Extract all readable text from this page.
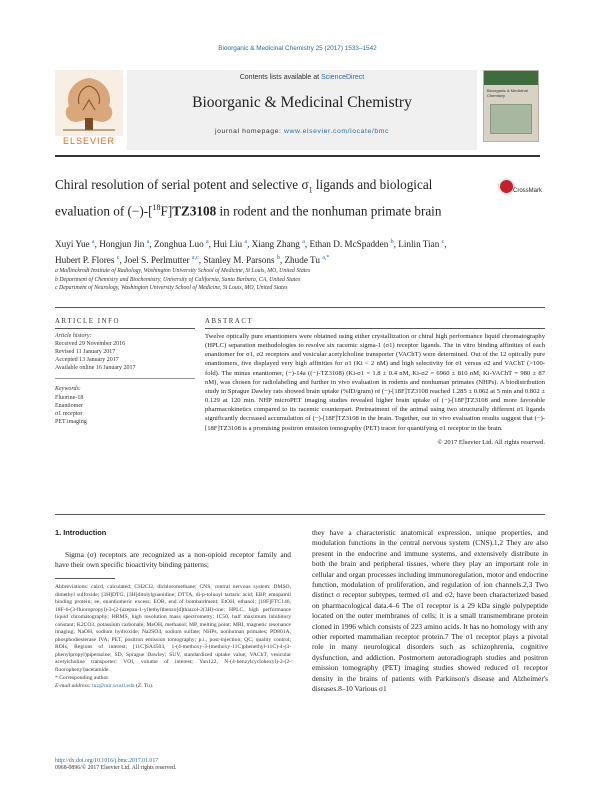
Bioorganic & Medicinal Chemistry 25 (2017) 1533–1542
ELSEVIER
Contents lists available at ScienceDirect
Bioorganic & Medicinal Chemistry
journal homepage: www.elsevier.com/locate/bmc
Bioorganic & Medicinal Chemistry
Chiral resolution of serial potent and selective $\sigma_1$ ligands and biological evaluation of (−)-[$^{18}$F]TZ3108 in rodent and the nonhuman primate brain
CrossMark
Xuyi Yue $^a$, Hongjun Jin $^a$, Zonghua Luo $^a$, Hui Liu $^a$, Xiang Zhang $^a$, Ethan D. McSpadden $^b$, Linlin Tian $^c$,
Hubert P. Flores $^c$, Joel S. Perlmutter $^{a,c}$, Stanley M. Parsons $^b$, Zhude Tu $^{a,*}$
a Mallinckrodt Institute of Radiology, Washington University School of Medicine, St Louis, MO, United States
b Department of Chemistry and Biochemistry, University of California, Santa Barbara, CA, United States
c Department of Neurology, Washington University School of Medicine, St Louis, MO, United States
ARTICLE INFO	ABSTRACT
Article history:
Received 29 November 2016
Revised 11 January 2017
Accepted 13 January 2017
Available online 16 January 2017
Keywords:
Fluorine-18
Enantiomer
σ1 receptor
PET imaging
Twelve optically pure enantiomers were obtained using either crystallization or chiral high performance liquid chromatography (HPLC) separation methodologies to resolve six racemic sigma-1 (σ1) receptor ligands. The in vitro binding affinities of each enantiomer for σ1, σ2 receptors and vesicular acetylcholine transporter (VAChT) were determined. Out of the 12 optically pure enantiomers, five displayed very high affinities for σ1 (Ki < 2 nM) and high selectivity for σ1 versus σ2 and VAChT (>100-fold). The minus enantiomer, (−)-14a ((−)-TZ3108) (Ki-σ1 = 1.8 ± 0.4 nM, Ki-σ2 = 6960 ± 810 nM, Ki-VAChT = 980 ± 87 nM), was chosen for radiolabeling and further in vivo evaluation in rodents and nonhuman primates (NHPs). A biodistribution study in Sprague Dawley rats showed brain uptake (%ID/gram) of (−)-[18F]TZ3108 reached 1.285 ± 0.062 at 5 min and 0.802 ± 0.129 at 120 min. NHP microPET imaging studies revealed higher brain uptake of (−)-[18F]TZ3108 and more favorable pharmacokinetics compared to its racemic counterpart. Pretreatment of the animal using two structurally different σ1 ligands significantly decreased accumulation of (−)-[18F]TZ3108 in the brain. Together, our in vivo evaluation results suggest that (−)-[18F]TZ3108 is a promising positron emission tomography (PET) tracer for quantifying σ1 receptor in the brain.
© 2017 Elsevier Ltd. All rights reserved.
1. Introduction
Sigma (σ) receptors are recognized as a non-opioid receptor family and have their own specific bioactivity binding patterns;
Abbreviations: calcd, calculated; CH2Cl2, dichloromethane; CNS, central nervous system; DMSO, dimethyl sulfoxide; [3H]DTG, [3H]ditolylguanidine; DTTA, di-p-toluoyl tartaric acid; EBP, emopamil binding protein; ee, enantiomeric excess; EOB, end of bombardment; EtOH, ethanol; [18F]FTC146, 18F-6-(3-fluoropropyl)-3-(2-(azepan-1-yl)ethyl)benzo[d]thiazol-2(3H)-one; HPLC, high performance liquid chromatography; HRMS, high resolution mass spectrometry; IC50, half maximum inhibitory constant; K2CO3, potassium carbonate; MeOH, methanol; MP, melting point; MRI, magnetic resonance imaging; NaOH, sodium hydroxide; Na2SO4, sodium sulfate; NHPs, nonhuman primates; PD801A, phosphodiesterase IVA; PET, positron emission tomography; p.i., post-injection; QC, quality control; ROIs, Regions of interest; [11C]SA4503, 1-(4-methoxy-3-(methoxy-11C)phenethyl-11C)-4-(3-phenylpropyl)piperazine; SD, Sprague Dawley; SUV, standardized uptake value; VAChT, vesicular acetylcholine transporter; VOI, volume of interest; Yun122, N-(4-benzylcyclohexyl)-2-(2-fluorophenyl)acetamide.
* Corresponding author.
E-mail address: tuz@mir.wustl.edu (Z. Tu).
http://dx.doi.org/10.1016/j.bmc.2017.01.017
0968-0896/© 2017 Elsevier Ltd. All rights reserved.
they have a characteristic anatomical expression, unique properties, and modulation functions in the central nervous system (CNS).1,2 They are also present in the endocrine and immune systems, and extensively distribute in both the brain and peripheral tissues, where they play an important role in cellular and organ processes including immunoregulation, motor and endocrine function, modulation of proliferation, and regulation of ion channels.2,3 Two distinct σ receptor subtypes, termed σ1 and σ2, have been characterized based on pharmacological data.4–6 The σ1 receptor is a 29 kDa single polypeptide located on the outer membranes of cells; it is a small transmembrane protein cloned in 1996 which consists of 223 amino acids. It has no homology with any other reported mammalian receptor protein.7 The σ1 receptor plays a pivotal role in many neurological disorders such as schizophrenia, cognitive dysfunction, and addiction. Postmortem autoradiograph studies and positron emission tomography (PET) imaging studies showed reduced σ1 receptor density in the brains of patients with Parkinson's disease and Alzheimer's diseases.8–10 Various σ1
